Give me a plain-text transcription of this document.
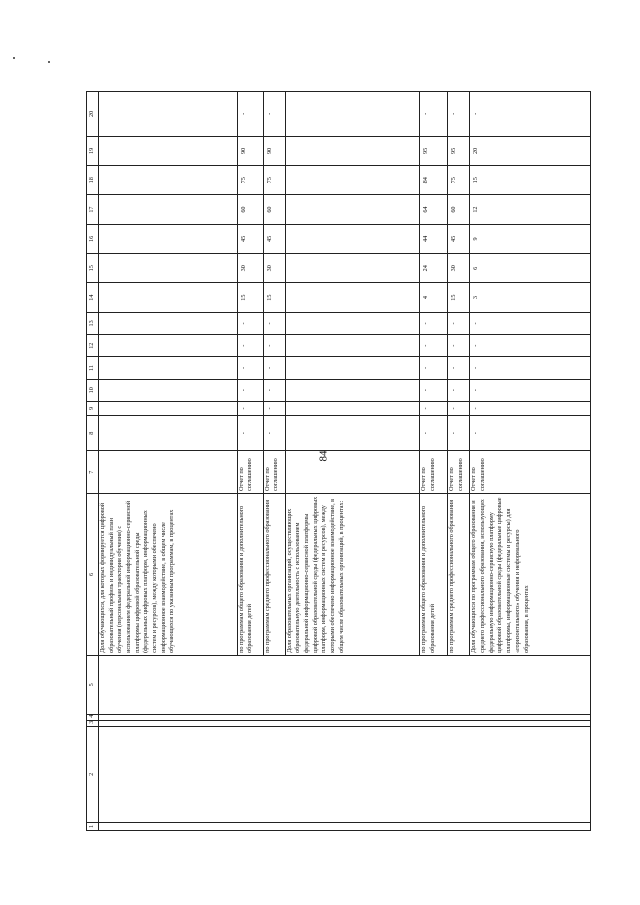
84
1	2	3	4	5	6	7	8	9	10	11	12	13	14	15	16	17	18	19	20
					Доля обучающихся, для которых формируется цифровой образовательный профиль и индивидуальный план обучения (персональная траектория обучения) с использованием федеральной информационно-сервисной платформы цифровой образовательной среды (федеральных цифровых платформ, информационных систем и ресурсов), между которыми обеспечено информационное взаимодействие, в общем числе обучающихся по указанным программам, в процентах														
					по программам общего образования и дополнительного образования детей	Отчет по соглашению	-	-	-	-	-	-	15	30	45	60	75	90	-
					по программам среднего профессионального образования	Отчет по соглашению	-	-	-	-	-	-	15	30	45	60	75	90	-
					Доля образовательных организаций, осуществляющих образовательную деятельность с использованием федеральной информационно-сервисной платформы цифровой образовательной среды (федеральных цифровых платформ, информационных систем и ресурсов), между которыми обеспечено информационное взаимодействие, в общем числе образовательных организаций, в процентах:														
					по программам общего образования и дополнительного образования детей	Отчет по соглашению	-	-	-	-	-	-	4	24	44	64	84	95	-
					по программам среднего профессионального образования	Отчет по соглашению	-	-	-	-	-	-	15	30	45	60	75	95	-
					Доля обучающихся по программам общего образования и среднего профессионального образования, использующих федеральную информационно-сервисную платформу цифровой образовательной среды (федеральные цифровые платформы, информационные системы и ресурсы) для «горизонтального» обучения и неформального образования, в процентах	Отчет по соглашению	-	-	-	-	-	-	3	6	9	12	15	20	-
